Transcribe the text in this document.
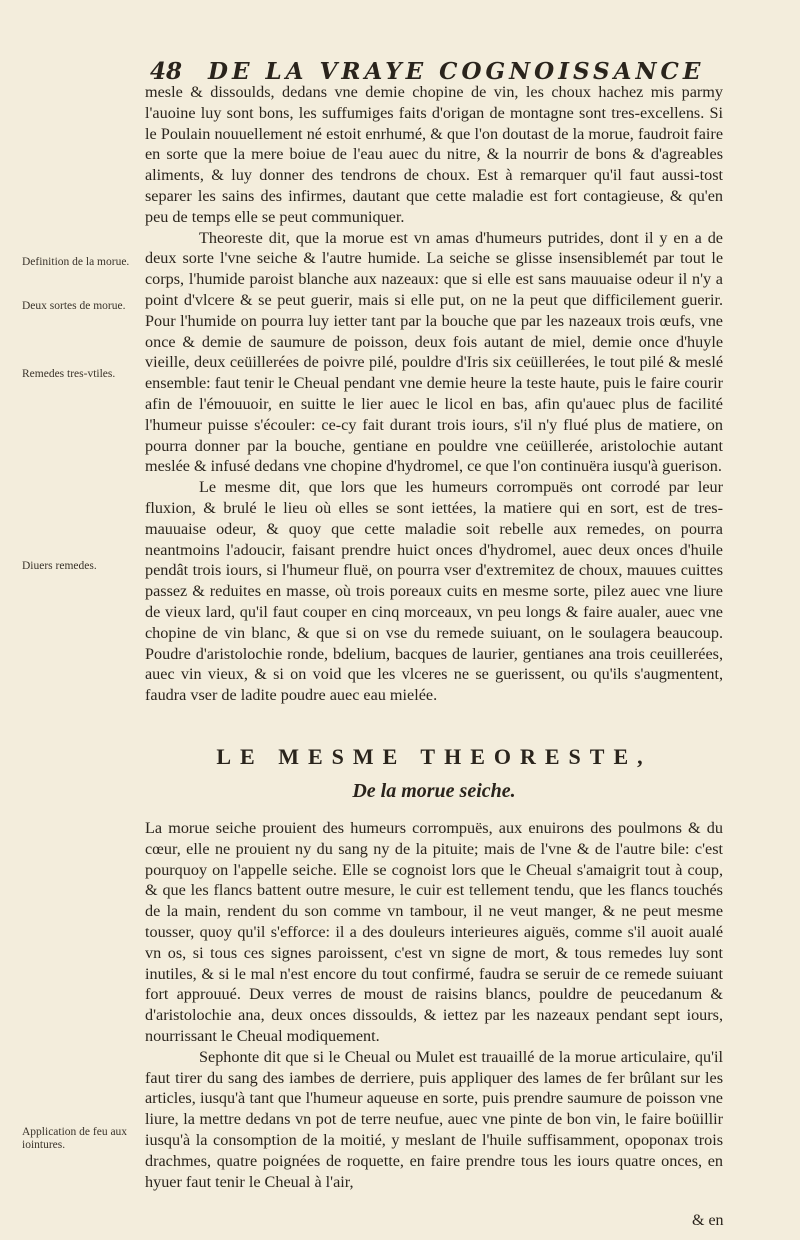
48 DE LA VRAYE COGNOISSANCE
Definition de la morue.
Deux sortes de morue.
Remedes tres-vtiles.
Diuers remedes.
Application de feu aux iointures.

mesle & dissoulds, dedans vne demie chopine de vin, les choux hachez mis parmy l'auoine luy sont bons, les suffumiges faits d'origan de montagne sont tres-excellens. Si le Poulain nouuellement né estoit enrhumé, & que l'on doutast de la morue, faudroit faire en sorte que la mere boiue de l'eau auec du nitre, & la nourrir de bons & d'agreables aliments, & luy donner des tendrons de choux. Est à remarquer qu'il faut aussi-tost separer les sains des infirmes, dautant que cette maladie est fort contagieuse, & qu'en peu de temps elle se peut communiquer.

Theoreste dit, que la morue est vn amas d'humeurs putrides, dont il y en a de deux sorte l'vne seiche & l'autre humide. La seiche se glisse insensiblemét par tout le corps, l'humide paroist blanche aux nazeaux: que si elle est sans mauuaise odeur il n'y a point d'vlcere & se peut guerir, mais si elle put, on ne la peut que difficilement guerir. Pour l'humide on pourra luy ietter tant par la bouche que par les nazeaux trois œufs, vne once & demie de saumure de poisson, deux fois autant de miel, demie once d'huyle vieille, deux ceüillerées de poivre pilé, pouldre d'Iris six ceüillerées, le tout pilé & meslé ensemble: faut tenir le Cheual pendant vne demie heure la teste haute, puis le faire courir afin de l'émouuoir, en suitte le lier auec le licol en bas, afin qu'auec plus de facilité l'humeur puisse s'écouler: ce-cy fait durant trois iours, s'il n'y flué plus de matiere, on pourra donner par la bouche, gentiane en pouldre vne ceüillerée, aristolochie autant meslée & infusé dedans vne chopine d'hydromel, ce que l'on continuëra iusqu'à guerison.

Le mesme dit, que lors que les humeurs corrompuës ont corrodé par leur fluxion, & brulé le lieu où elles se sont iettées, la matiere qui en sort, est de tres-mauuaise odeur, & quoy que cette maladie soit rebelle aux remedes, on pourra neantmoins l'adoucir, faisant prendre huict onces d'hydromel, auec deux onces d'huile pendât trois iours, si l'humeur fluë, on pourra vser d'extremitez de choux, mauues cuittes passez & reduites en masse, où trois poreaux cuits en mesme sorte, pilez auec vne liure de vieux lard, qu'il faut couper en cinq morceaux, vn peu longs & faire aualer, auec vne chopine de vin blanc, & que si on vse du remede suiuant, on le soulagera beaucoup. Poudre d'aristolochie ronde, bdelium, bacques de laurier, gentianes ana trois ceuillerées, auec vin vieux, & si on void que les vlceres ne se guerissent, ou qu'ils s'augmentent, faudra vser de ladite poudre auec eau mielée.

LE MESME THEORESTE,
De la morue seiche.

La morue seiche prouient des humeurs corrompuës, aux enuirons des poulmons & du cœur, elle ne prouient ny du sang ny de la pituite; mais de l'vne & de l'autre bile: c'est pourquoy on l'appelle seiche. Elle se cognoist lors que le Cheual s'amaigrit tout à coup, & que les flancs battent outre mesure, le cuir est tellement tendu, que les flancs touchés de la main, rendent du son comme vn tambour, il ne veut manger, & ne peut mesme tousser, quoy qu'il s'efforce: il a des douleurs interieures aiguës, comme s'il auoit aualé vn os, si tous ces signes paroissent, c'est vn signe de mort, & tous remedes luy sont inutiles, & si le mal n'est encore du tout confirmé, faudra se seruir de ce remede suiuant fort approuué. Deux verres de moust de raisins blancs, pouldre de peucedanum & d'aristolochie ana, deux onces dissoulds, & iettez par les nazeaux pendant sept iours, nourrissant le Cheual modiquement.

Sephonte dit que si le Cheual ou Mulet est trauaillé de la morue articulaire, qu'il faut tirer du sang des iambes de derriere, puis appliquer des lames de fer brûlant sur les articles, iusqu'à tant que l'humeur aqueuse en sorte, puis prendre saumure de poisson vne liure, la mettre dedans vn pot de terre neufue, auec vne pinte de bon vin, le faire boüillir iusqu'à la consomption de la moitié, y meslant de l'huile suffisamment, opoponax trois drachmes, quatre poignées de roquette, en faire prendre tous les iours quatre onces, en hyuer faut tenir le Cheual à l'air,

& en
